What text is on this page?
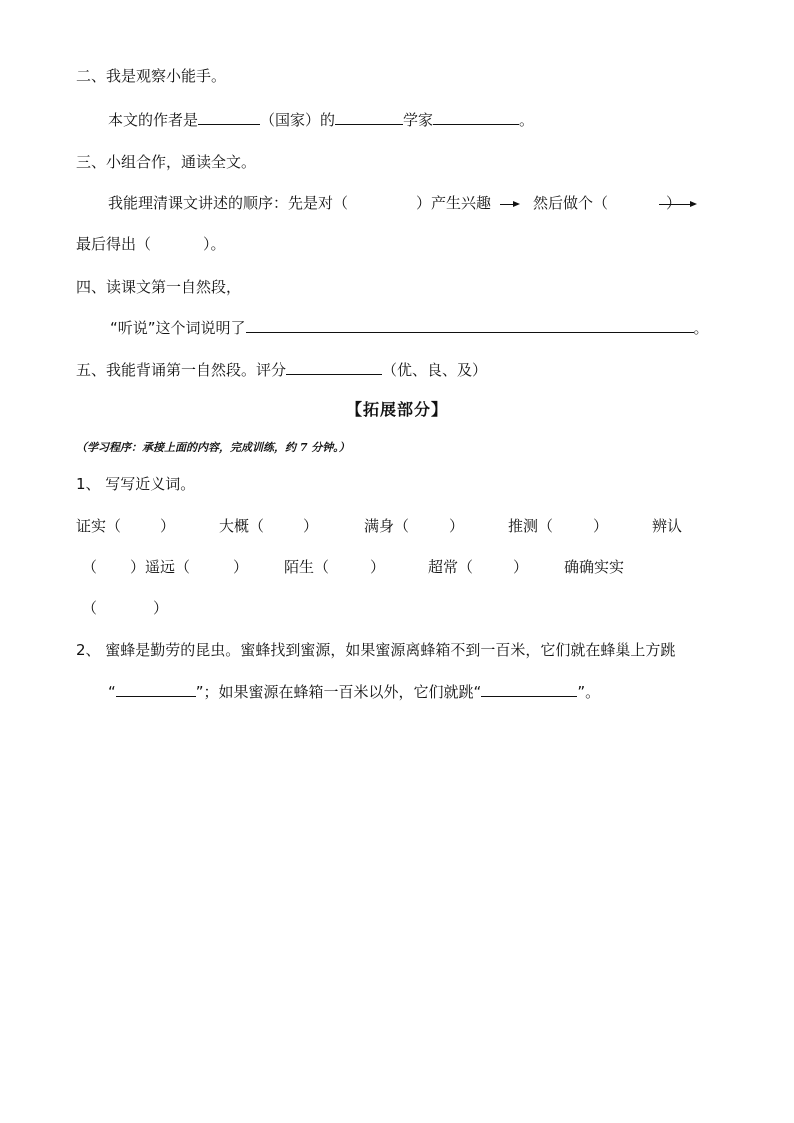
二、我是观察小能手。
本文的作者是	（国家）的	学家	。
三、小组合作，通读全文。
我能理清课文讲述的顺序：先是对（	）产生兴趣	然后做个（	）
最后得出（	）。
四、读课文第一自然段，
“听说”这个词说明了	。
五、我能背诵第一自然段。评分	（优、良、及）
【拓展部分】
（学习程序：承接上面的内容，完成训练，约 7 分钟。）
1、 写写近义词。
证实（	）	大概（	）	满身（	）	推测（	）	辨认
（ ）遥远（	） 陌生（	）	超常（	） 确确实实
（	）
2、 蜜蜂是勤劳的昆虫。蜜蜂找到蜜源，如果蜜源离蜂箱不到一百米，它们就在蜂巢上方跳
“	”；如果蜜源在蜂箱一百米以外，它们就跳“	”。
